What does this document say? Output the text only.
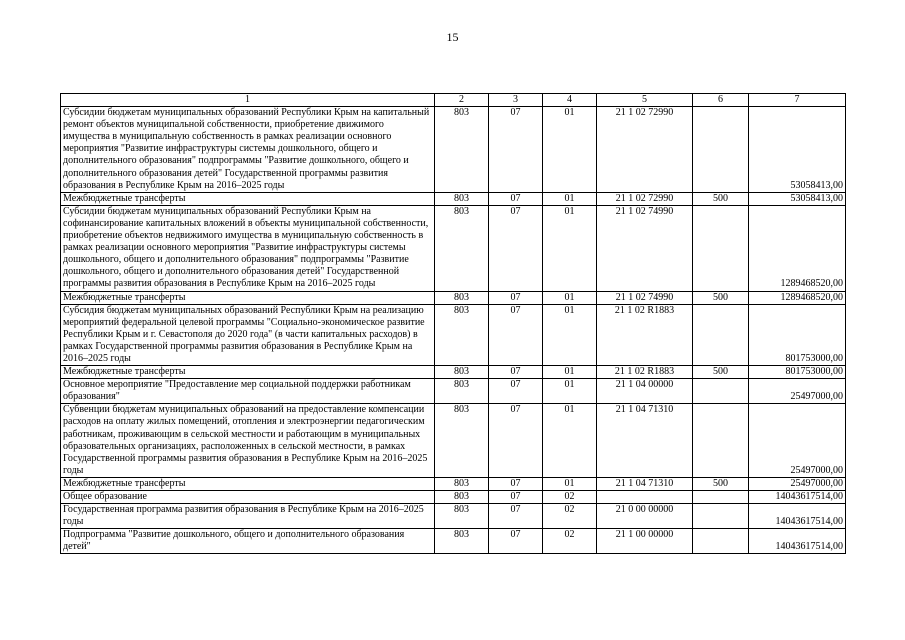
15
1	2	3	4	5	6	7
Субсидии бюджетам муниципальных образований Республики Крым на капитальный ремонт объектов муниципальной собственности, приобретение движимого имущества в муниципальную собственность в рамках реализации основного мероприятия "Развитие инфраструктуры системы дошкольного, общего и дополнительного образования" подпрограммы "Развитие дошкольного, общего и дополнительного образования детей" Государственной программы развития образования в Республике Крым на 2016–2025 годы	803	07	01	21 1 02 72990		53058413,00
Межбюджетные трансферты	803	07	01	21 1 02 72990	500	53058413,00
Субсидии бюджетам муниципальных образований Республики Крым на софинансирование капитальных вложений в объекты муниципальной собственности, приобретение объектов недвижимого имущества в муниципальную собственность в рамках реализации основного мероприятия "Развитие инфраструктуры системы дошкольного, общего и дополнительного образования" подпрограммы "Развитие дошкольного, общего и дополнительного образования детей" Государственной программы развития образования в Республике Крым на 2016–2025 годы	803	07	01	21 1 02 74990		1289468520,00
Межбюджетные трансферты	803	07	01	21 1 02 74990	500	1289468520,00
Субсидия бюджетам муниципальных образований Республики Крым на реализацию мероприятий федеральной целевой программы "Социально-экономическое развитие Республики Крым и г. Севастополя до 2020 года" (в части капитальных расходов) в рамках Государственной программы развития образования в Республике Крым на 2016–2025 годы	803	07	01	21 1 02 R1883		801753000,00
Межбюджетные трансферты	803	07	01	21 1 02 R1883	500	801753000,00
Основное мероприятие "Предоставление мер социальной поддержки работникам образования"	803	07	01	21 1 04 00000		25497000,00
Субвенции бюджетам муниципальных образований на предоставление компенсации расходов на оплату жилых помещений, отопления и электроэнергии педагогическим работникам, проживающим в сельской местности и работающим в муниципальных образовательных организациях, расположенных в сельской местности, в рамках Государственной программы развития образования в Республике Крым на 2016–2025 годы	803	07	01	21 1 04 71310		25497000,00
Межбюджетные трансферты	803	07	01	21 1 04 71310	500	25497000,00
Общее образование	803	07	02			14043617514,00
Государственная программа развития образования в Республике Крым на 2016–2025 годы	803	07	02	21 0 00 00000		14043617514,00
Подпрограмма "Развитие дошкольного, общего и дополнительного образования детей"	803	07	02	21 1 00 00000		14043617514,00
